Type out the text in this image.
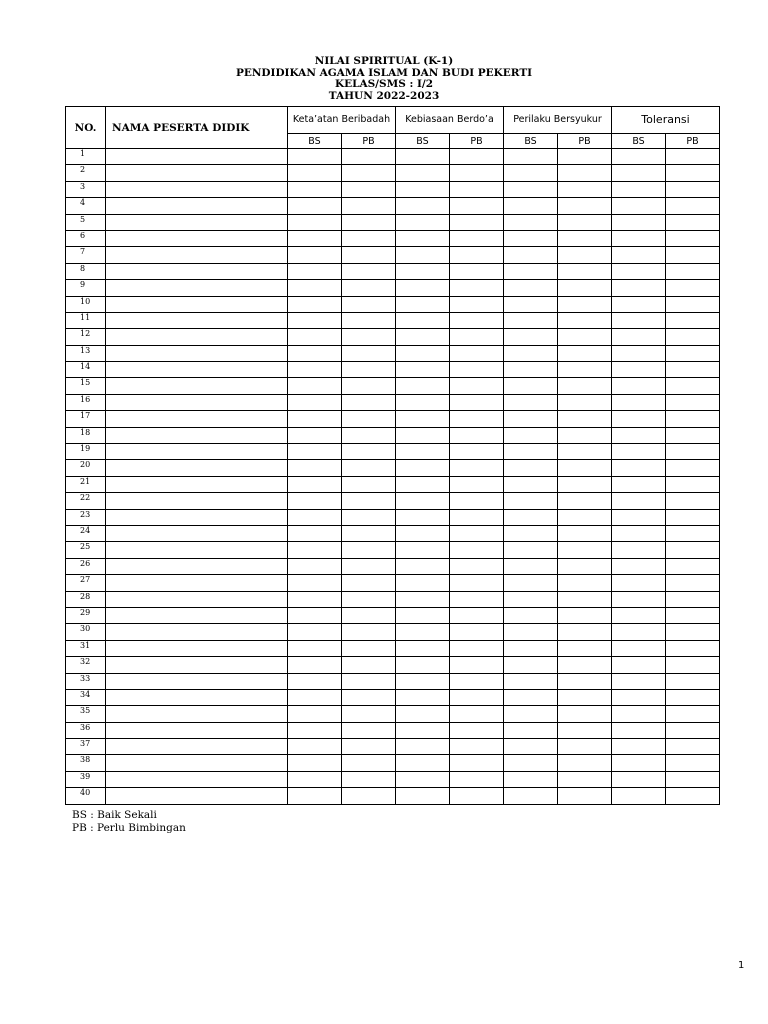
NILAI SPIRITUAL (K-1)
PENDIDIKAN AGAMA ISLAM DAN BUDI PEKERTI
KELAS/SMS : I/2
TAHUN 2022-2023
NO.	NAMA PESERTA DIDIK	Keta’atan Beribadah		Kebiasaan Berdo’a		Perilaku Bersyukur		Toleransi	
		BS	PB	BS	PB	BS	PB	BS	PB
1									
2									
3									
4									
5									
6									
7									
8									
9									
10									
11									
12									
13									
14									
15									
16									
17									
18									
19									
20									
21									
22									
23									
24									
25									
26									
27									
28									
29									
30									
31									
32									
33									
34									
35									
36									
37									
38									
39									
40									
BS : Baik Sekali
PB : Perlu Bimbingan
1
